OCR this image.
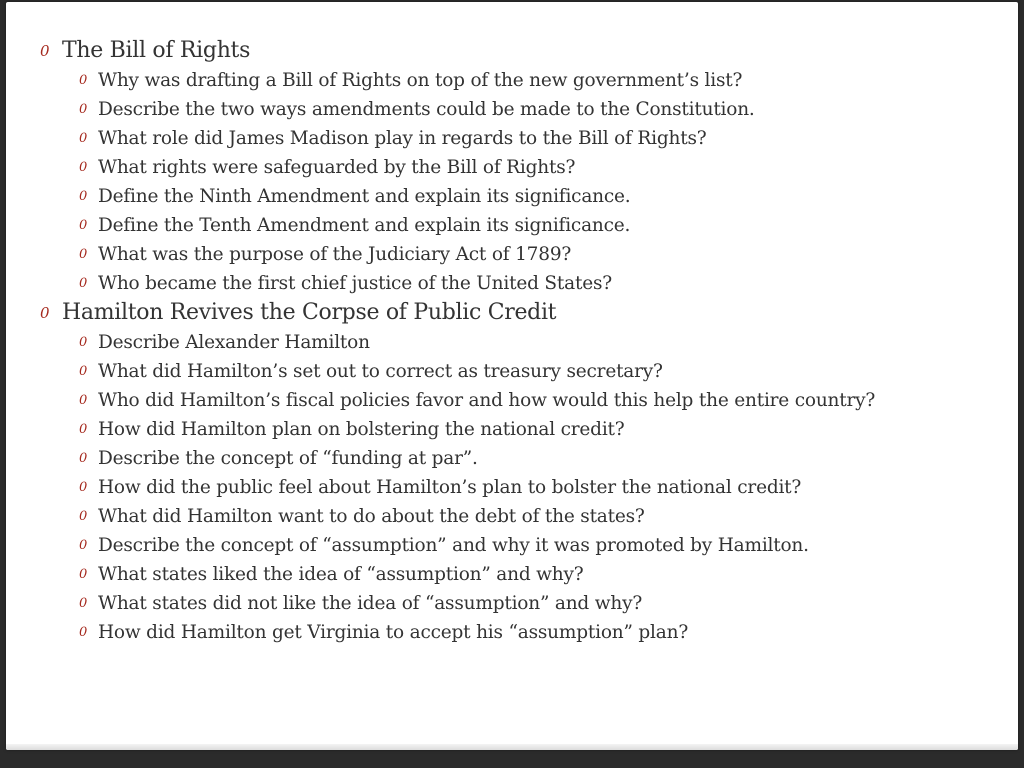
0 The Bill of Rights
0 Why was drafting a Bill of Rights on top of the new government’s list?
0 Describe the two ways amendments could be made to the Constitution.
0 What role did James Madison play in regards to the Bill of Rights?
0 What rights were safeguarded by the Bill of Rights?
0 Define the Ninth Amendment and explain its significance.
0 Define the Tenth Amendment and explain its significance.
0 What was the purpose of the Judiciary Act of 1789?
0 Who became the first chief justice of the United States?
0 Hamilton Revives the Corpse of Public Credit
0 Describe Alexander Hamilton
0 What did Hamilton’s set out to correct as treasury secretary?
0 Who did Hamilton’s fiscal policies favor and how would this help the entire country?
0 How did Hamilton plan on bolstering the national credit?
0 Describe the concept of “funding at par”.
0 How did the public feel about Hamilton’s plan to bolster the national credit?
0 What did Hamilton want to do about the debt of the states?
0 Describe the concept of “assumption” and why it was promoted by Hamilton.
0 What states liked the idea of “assumption” and why?
0 What states did not like the idea of “assumption” and why?
0 How did Hamilton get Virginia to accept his “assumption” plan?
